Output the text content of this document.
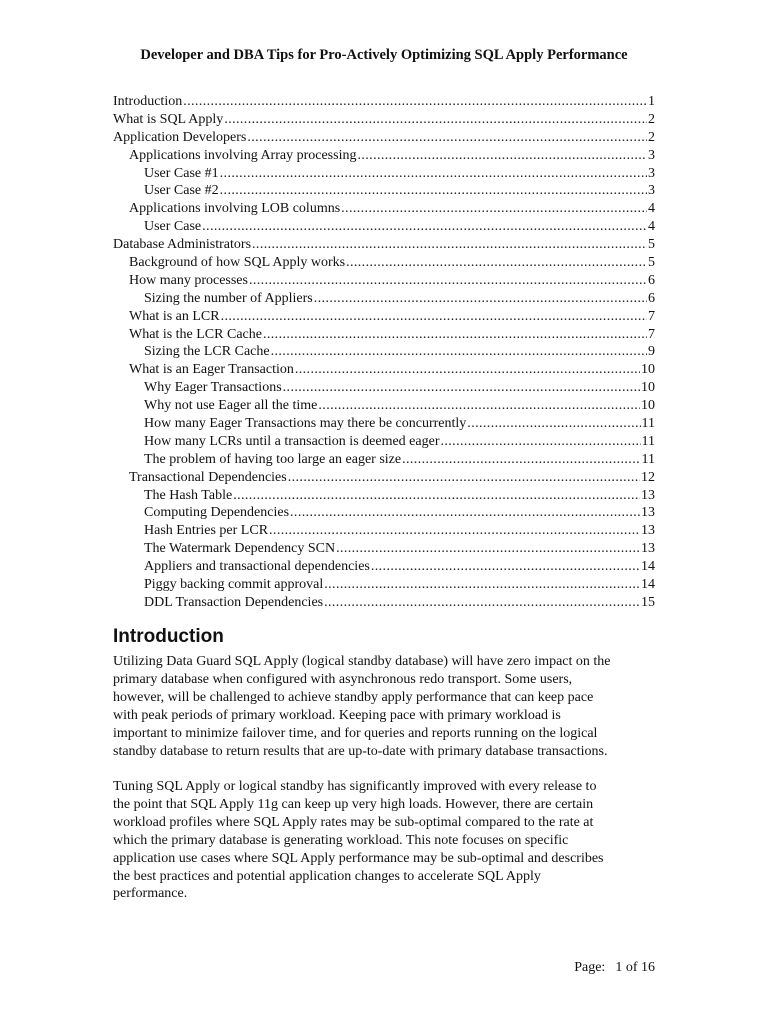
Developer and DBA Tips for Pro-Actively Optimizing SQL Apply Performance
Introduction .....	1
What is SQL Apply .....	2
Application Developers .....	2
Applications involving Array processing .....	3
User Case #1 .....	3
User Case #2 .....	3
Applications involving LOB columns .....	4
User Case .....	4
Database Administrators .....	5
Background of how SQL Apply works .....	5
How many processes .....	6
Sizing the number of Appliers .....	6
What is an LCR .....	7
What is the LCR Cache .....	7
Sizing the LCR Cache .....	9
What is an Eager Transaction .....	10
Why Eager Transactions .....	10
Why not use Eager all the time .....	10
How many Eager Transactions may there be concurrently .....	11
How many LCRs until a transaction is deemed eager .....	11
The problem of having too large an eager size .....	11
Transactional Dependencies .....	12
The Hash Table .....	13
Computing Dependencies .....	13
Hash Entries per LCR .....	13
The Watermark Dependency SCN .....	13
Appliers and transactional dependencies .....	14
Piggy backing commit approval .....	14
DDL Transaction Dependencies .....	15
Introduction
Utilizing Data Guard SQL Apply (logical standby database) will have zero impact on the
primary database when configured with asynchronous redo transport. Some users,
however, will be challenged to achieve standby apply performance that can keep pace
with peak periods of primary workload. Keeping pace with primary workload is
important to minimize failover time, and for queries and reports running on the logical
standby database to return results that are up-to-date with primary database transactions.
Tuning SQL Apply or logical standby has significantly improved with every release to
the point that SQL Apply 11g can keep up very high loads. However, there are certain
workload profiles where SQL Apply rates may be sub-optimal compared to the rate at
which the primary database is generating workload. This note focuses on specific
application use cases where SQL Apply performance may be sub-optimal and describes
the best practices and potential application changes to accelerate SQL Apply
performance.
Page: 1 of 16
